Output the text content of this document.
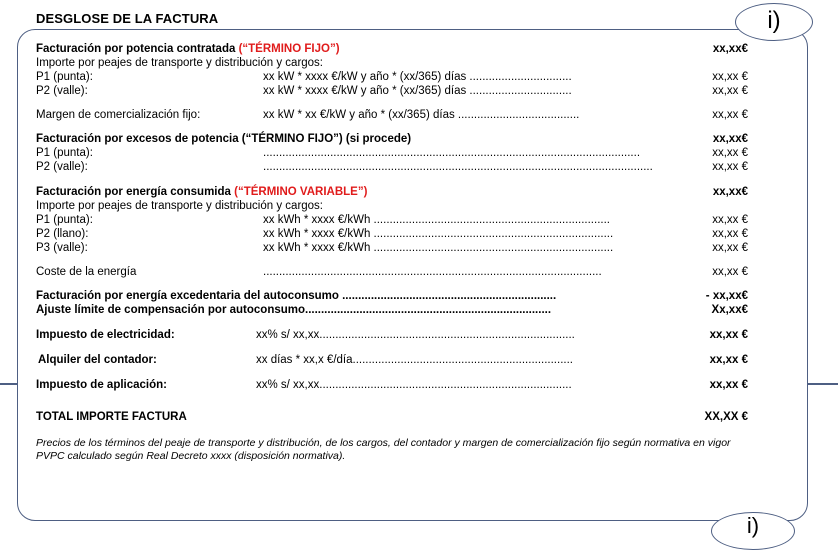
DESGLOSE DE LA FACTURA	i)
i)
Facturación por potencia contratada (“TÉRMINO FIJO”)	xx,xx€
Importe por peajes de transporte y distribución y cargos:
P1 (punta):	xx kW * xxxx €/kW y año * (xx/365) días ................................	xx,xx €
P2 (valle):	xx kW * xxxx €/kW y año * (xx/365) días ................................	xx,xx €
Margen de comercialización fijo:	xx kW * xx €/kW y año * (xx/365) días ......................................	xx,xx €
Facturación por excesos de potencia (“TÉRMINO FIJO”) (si procede)	xx,xx€
P1 (punta):	......................................................................................................................	xx,xx €
P2 (valle):	..........................................................................................................................	xx,xx €
Facturación por energía consumida (“TÉRMINO VARIABLE”)	xx,xx€
Importe por peajes de transporte y distribución y cargos:
P1 (punta):	xx kWh * xxxx €/kWh ..........................................................................	xx,xx €
P2 (llano):	xx kWh * xxxx €/kWh ...........................................................................	xx,xx €
P3 (valle):	xx kWh * xxxx €/kWh ...........................................................................	xx,xx €
Coste de la energía	..........................................................................................................	xx,xx €
Facturación por energía excedentaria del autoconsumo ...................................................................	- xx,xx€
Ajuste límite de compensación por autoconsumo.............................................................................	Xx,xx€
Impuesto de electricidad:	xx% s/ xx,xx................................................................................	xx,xx €
Alquiler del contador:	xx días * xx,x €/día.....................................................................	xx,xx €
Impuesto de aplicación:	xx% s/ xx,xx...............................................................................	xx,xx €
TOTAL IMPORTE FACTURA	XX,XX €
Precios de los términos del peaje de transporte y distribución, de los cargos, del contador y margen de comercialización fijo según normativa en vigor
PVPC calculado según Real Decreto xxxx (disposición normativa).
